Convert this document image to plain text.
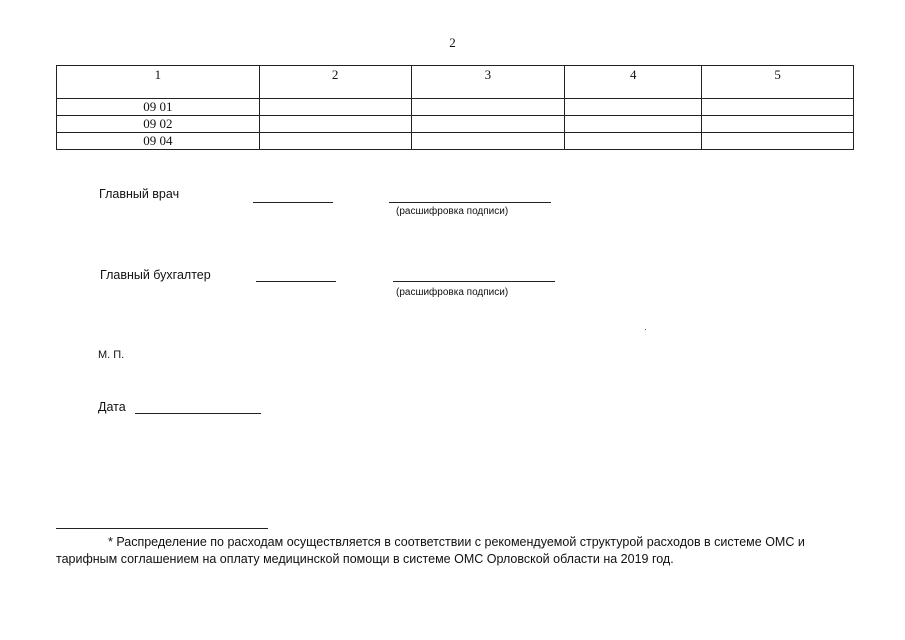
2
1	2	3	4	5
09 01				
09 02				
09 04				
Главный врач
(расшифровка подписи)
Главный бухгалтер
(расшифровка подписи)
М. П.
Дата
* Распределение по расходам осуществляется в соответствии с рекомендуемой структурой расходов в системе ОМС и тарифным соглашением на оплату медицинской помощи в системе ОМС Орловской области на 2019 год.
